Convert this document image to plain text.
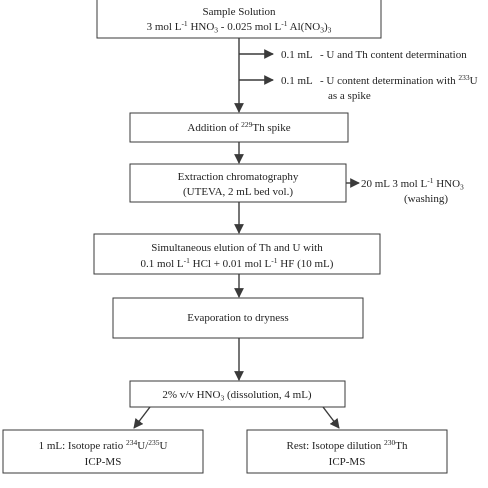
Sample Solution
3 mol $L^{-1}$ $HNO_3 - 0.025$ mol $L^{-1}$ $Al(NO_3)_3$
0.1 mL - U and Th content determination
0.1 mL - U content determination with $^{233}$U
as a spike
Addition of $^{229}$Th spike
Extraction chromatography
(UTEVA, 2 mL bed vol.)
20 mL 3 mol $L^{-1}$ $HNO_3$
(washing)
Simultaneous elution of Th and U with
0.1 mol $L^{-1}$ HCl + 0.01 mol $L^{-1}$ HF (10 mL)
Evaporation to dryness
2% v/v $HNO_3$ (dissolution, 4 mL)
1 mL: Isotope ratio $^{234}$U/$^{235}$U
ICP-MS
Rest: Isotope dilution $^{230}$Th
ICP-MS
